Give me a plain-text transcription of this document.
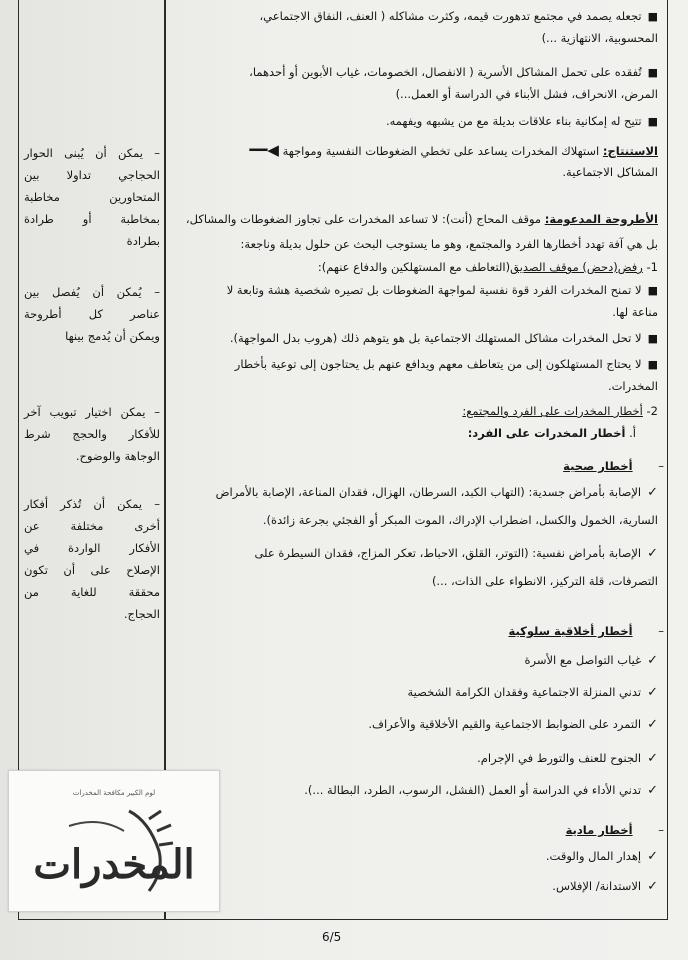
■تجعله يصمد في مجتمع تدهورت قيمه، وكثرت مشاكله ( العنف، النفاق الاجتماعي،
المحسوبية، الانتهازية ...)
■تُفقده على تحمل المشاكل الأسرية ( الانفصال، الخصومات، غياب الأبوين أو أحدهما،
المرض، الانحراف، فشل الأبناء في الدراسة أو العمل...)
■تتيح له إمكانية بناء علاقات بديلة مع من يشبهه ويفهمه.
الاستنتاج: استهلاك المخدرات يساعد على تخطي الضغوطات النفسية ومواجهة ◀━━
المشاكل الاجتماعية.
الأطروحة المدعومة: موقف المحاج (أنت): لا تساعد المخدرات على تجاوز الضغوطات والمشاكل،
بل هي آفة تهدد أخطارها الفرد والمجتمع، وهو ما يستوجب البحث عن حلول بديلة وناجعة:
1- رفض(دحض) موقف الصديق(التعاطف مع المستهلكين والدفاع عنهم):
■لا تمنح المخدرات الفرد قوة نفسية لمواجهة الضغوطات بل تصيره شخصية هشة وتابعة لا
مناعة لها.
■لا تحل المخدرات مشاكل المستهلك الاجتماعية بل هو يتوهم ذلك (هروب بدل المواجهة).
■لا يحتاج المستهلكون إلى من يتعاطف معهم ويدافع عنهم بل يحتاجون إلى توعية بأخطار
المخدرات.
2- أخطار المخدرات على الفرد والمجتمع:
أ. أخطار المخدرات على الفرد:
– أخطار صحية
✓الإصابة بأمراض جسدية: (التهاب الكبد، السرطان، الهزال، فقدان المناعة، الإصابة بالأمراض
السارية، الخمول والكسل، اضطراب الإدراك، الموت المبكر أو الفجئي بجرعة زائدة).
✓الإصابة بأمراض نفسية: (التوتر، القلق، الاحباط، تعكر المزاج، فقدان السيطرة على
التصرفات، قلة التركيز، الانطواء على الذات، ...)
– أخطار أخلاقية سلوكية
✓غياب التواصل مع الأسرة
✓تدني المنزلة الاجتماعية وفقدان الكرامة الشخصية
✓التمرد على الضوابط الاجتماعية والقيم الأخلاقية والأعراف.
✓الجنوح للعنف والتورط في الإجرام.
✓تدني الأداء في الدراسة أو العمل (الفشل، الرسوب، الطرد، البطالة ...).
– أخطار مادية
✓إهدار المال والوقت.
✓الاستدانة/ الإفلاس.
– يمكن أن يُبنى الحوار
الحجاجي تداولا بين
المتحاورين مخاطبة
بمخاطبة أو طرادة
بطرادة
– يُمكن أن يُفصل بين
عناصر كل أطروحة
ويمكن أن يُدمج بينها
– يمكن اختيار تبويب آخر
للأفكار والحجج شرط
الوجاهة والوضوح.
– يمكن أن تُذكر أفكار
أخرى مختلفة عن
الأفكار الواردة في
الإصلاح على أن تكون
محققة للغاية من
الحجاج.
لوم الكبير مكافحة المخدرات
المخدرات
6/5
